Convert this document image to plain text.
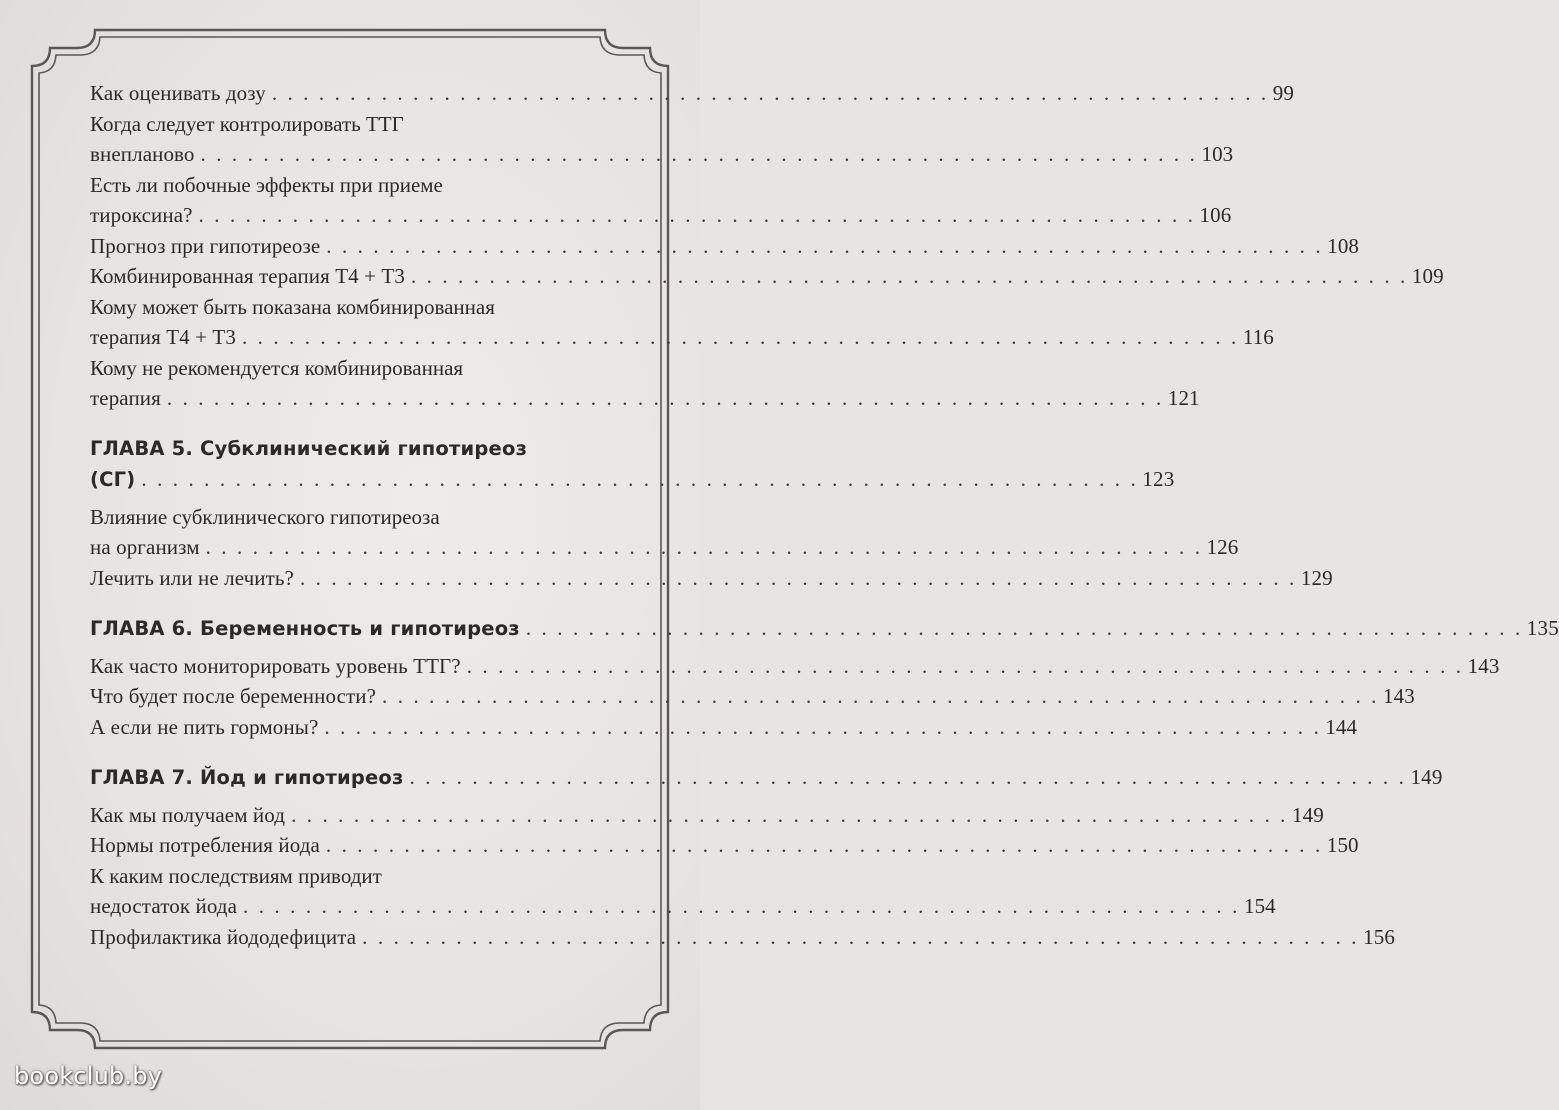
Как оценивать дозу . . . . . . . . . . . . . . . . . . . . . . . . . . . . . . . . . . . . . . . . . . . . . . . . . . . . . . . . . . . . . . . . 99
Когда следует контролировать ТТГ
внепланово . . . . . . . . . . . . . . . . . . . . . . . . . . . . . . . . . . . . . . . . . . . . . . . . . . . . . . . . . . . . . . . . 103
Есть ли побочные эффекты при приеме
тироксина? . . . . . . . . . . . . . . . . . . . . . . . . . . . . . . . . . . . . . . . . . . . . . . . . . . . . . . . . . . . . . . . . 106
Прогноз при гипотиреозе . . . . . . . . . . . . . . . . . . . . . . . . . . . . . . . . . . . . . . . . . . . . . . . . . . . . . . . . . . . . . . . . 108
Комбинированная терапия Т4 + Т3 . . . . . . . . . . . . . . . . . . . . . . . . . . . . . . . . . . . . . . . . . . . . . . . . . . . . . . . . . . . . . . . . 109
Кому может быть показана комбинированная
терапия Т4 + Т3 . . . . . . . . . . . . . . . . . . . . . . . . . . . . . . . . . . . . . . . . . . . . . . . . . . . . . . . . . . . . . . . . 116
Кому не рекомендуется комбинированная
терапия . . . . . . . . . . . . . . . . . . . . . . . . . . . . . . . . . . . . . . . . . . . . . . . . . . . . . . . . . . . . . . . . 121
ГЛАВА 5. Субклинический гипотиреоз
(СГ) . . . . . . . . . . . . . . . . . . . . . . . . . . . . . . . . . . . . . . . . . . . . . . . . . . . . . . . . . . . . . . . . 123
Влияние субклинического гипотиреоза
на организм . . . . . . . . . . . . . . . . . . . . . . . . . . . . . . . . . . . . . . . . . . . . . . . . . . . . . . . . . . . . . . . . 126
Лечить или не лечить? . . . . . . . . . . . . . . . . . . . . . . . . . . . . . . . . . . . . . . . . . . . . . . . . . . . . . . . . . . . . . . . . 129
ГЛАВА 6. Беременность и гипотиреоз . . . . . . . . . . . . . . . . . . . . . . . . . . . . . . . . . . . . . . . . . . . . . . . . . . . . . . . . . . . . . . . . 135
Как часто мониторировать уровень ТТГ? . . . . . . . . . . . . . . . . . . . . . . . . . . . . . . . . . . . . . . . . . . . . . . . . . . . . . . . . . . . . . . . . 143
Что будет после беременности? . . . . . . . . . . . . . . . . . . . . . . . . . . . . . . . . . . . . . . . . . . . . . . . . . . . . . . . . . . . . . . . . 143
А если не пить гормоны? . . . . . . . . . . . . . . . . . . . . . . . . . . . . . . . . . . . . . . . . . . . . . . . . . . . . . . . . . . . . . . . . 144
ГЛАВА 7. Йод и гипотиреоз . . . . . . . . . . . . . . . . . . . . . . . . . . . . . . . . . . . . . . . . . . . . . . . . . . . . . . . . . . . . . . . . 149
Как мы получаем йод . . . . . . . . . . . . . . . . . . . . . . . . . . . . . . . . . . . . . . . . . . . . . . . . . . . . . . . . . . . . . . . . 149
Нормы потребления йода . . . . . . . . . . . . . . . . . . . . . . . . . . . . . . . . . . . . . . . . . . . . . . . . . . . . . . . . . . . . . . . . 150
К каким последствиям приводит
недостаток йода . . . . . . . . . . . . . . . . . . . . . . . . . . . . . . . . . . . . . . . . . . . . . . . . . . . . . . . . . . . . . . . . 154
Профилактика йододефицита . . . . . . . . . . . . . . . . . . . . . . . . . . . . . . . . . . . . . . . . . . . . . . . . . . . . . . . . . . . . . . . . 156
bookclub.by
